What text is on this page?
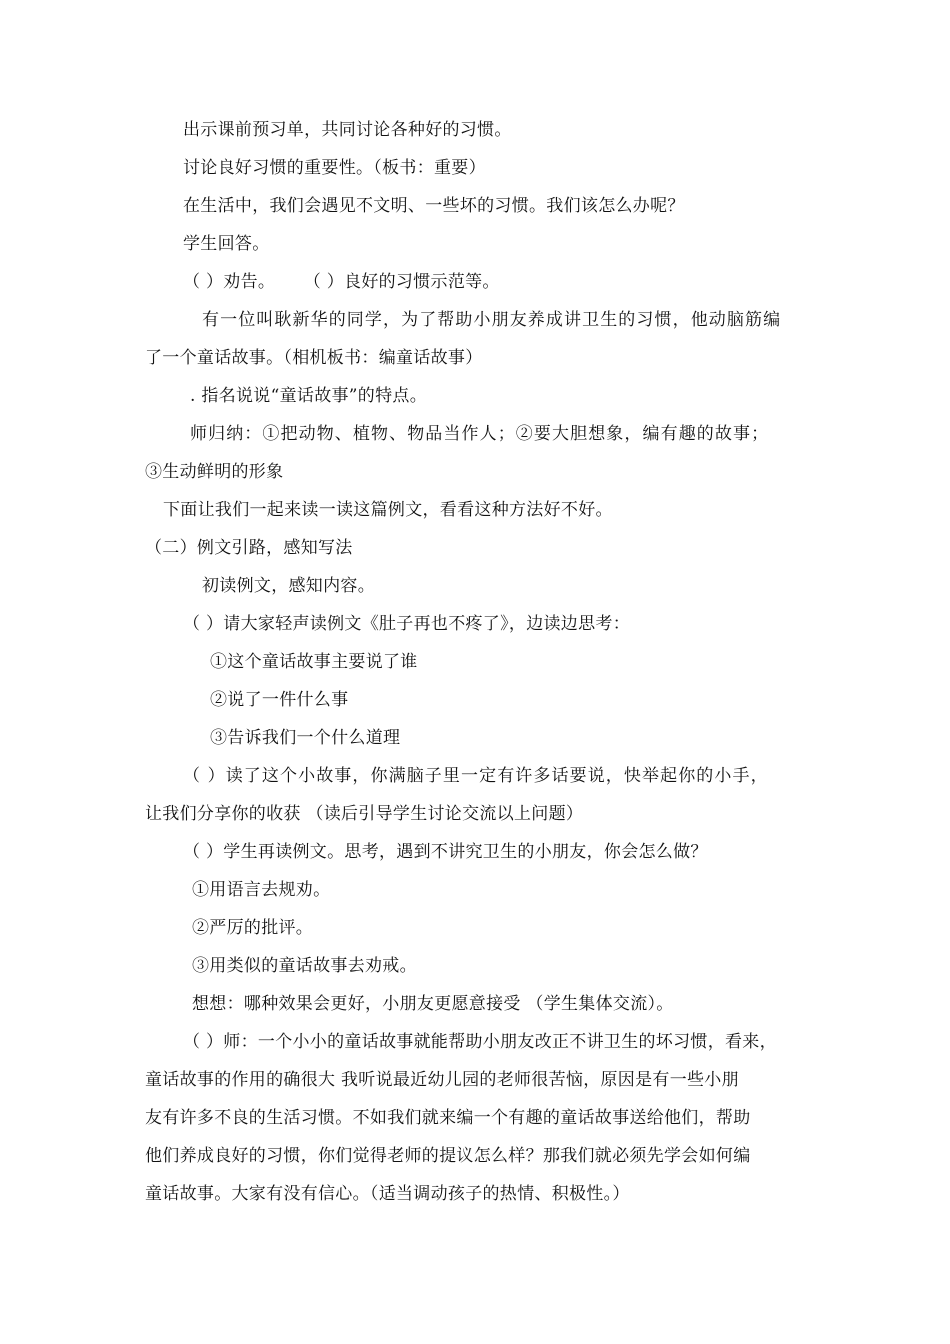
出示课前预习单，共同讨论各种好的习惯。
讨论良好习惯的重要性。（板书：重要）
在生活中，我们会遇见不文明、一些坏的习惯。我们该怎么办呢？
学生回答。
（ ）劝告。     （ ）良好的习惯示范等。
有一位叫耿新华的同学，为了帮助小朋友养成讲卫生的习惯，他动脑筋编
了一个童话故事。（相机板书：编童话故事）
. 指名说说“童话故事”的特点。
师归纳：①把动物、植物、物品当作人；②要大胆想象，编有趣的故事；
③生动鲜明的形象
下面让我们一起来读一读这篇例文，看看这种方法好不好。
（二）例文引路，感知写法
初读例文，感知内容。
（ ）请大家轻声读例文《肚子再也不疼了》，边读边思考：
①这个童话故事主要说了谁
②说了一件什么事
③告诉我们一个什么道理
（ ）读了这个小故事，你满脑子里一定有许多话要说，快举起你的小手，
让我们分享你的收获 （读后引导学生讨论交流以上问题）
（ ）学生再读例文。思考，遇到不讲究卫生的小朋友，你会怎么做？
①用语言去规劝。
②严厉的批评。
③用类似的童话故事去劝戒。
想想：哪种效果会更好，小朋友更愿意接受 （学生集体交流）。
（ ）师：一个小小的童话故事就能帮助小朋友改正不讲卫生的坏习惯，看来，
童话故事的作用的确很大 我听说最近幼儿园的老师很苦恼，原因是有一些小朋
友有许多不良的生活习惯。不如我们就来编一个有趣的童话故事送给他们，帮助
他们养成良好的习惯，你们觉得老师的提议怎么样？那我们就必须先学会如何编
童话故事。大家有没有信心。（适当调动孩子的热情、积极性。）
